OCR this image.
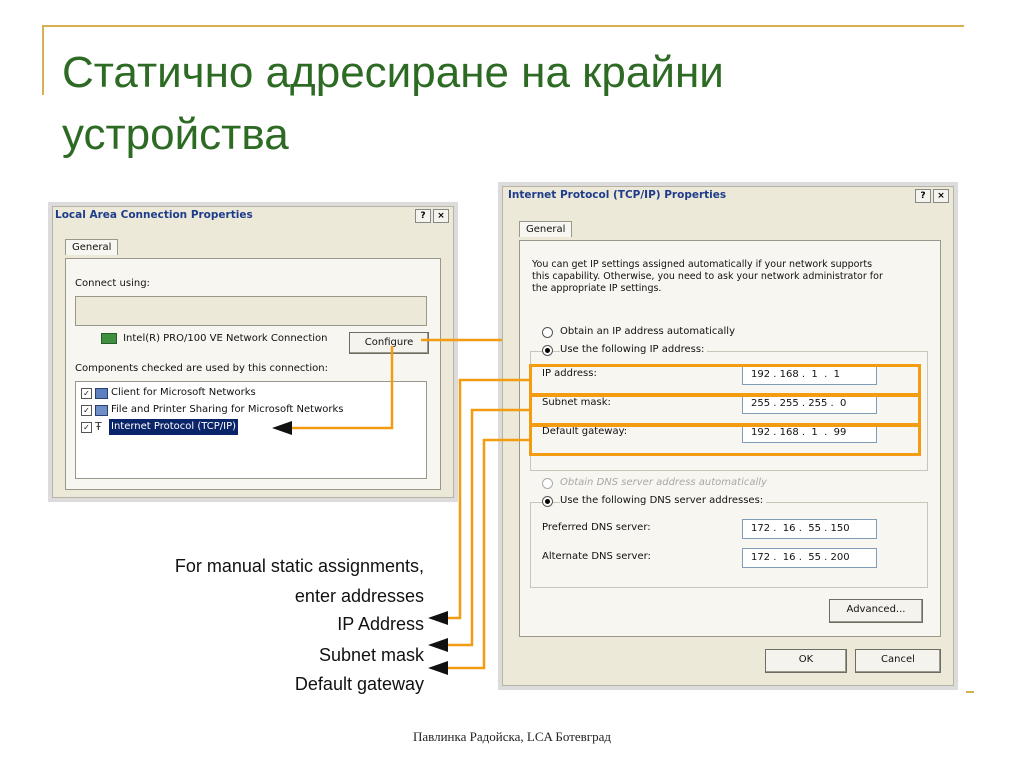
Статично адресиране на крайни
устройства
Local Area Connection Properties	?	×
General
Connect using:

Intel(R) PRO/100 VE Network Connection
	Configure
Components checked are used by this connection:

✓

Client for Microsoft Networks

✓

File and Printer Sharing for Microsoft Networks

✓

Ŧ

Internet Protocol (TCP/IP)

Internet Protocol (TCP/IP) Properties	?	×
General
You can get IP settings assigned automatically if your network supports
this capability. Otherwise, you need to ask your network administrator for
the appropriate IP settings.
Obtain an IP address automatically
Use the following IP address:
IP address:	192 . 168 .  1  .  1
Subnet mask:	255 . 255 . 255 .  0
Default gateway:	192 . 168 .  1  .  99
Obtain DNS server address automatically
Use the following DNS server addresses:
Preferred DNS server:	172 .  16 .  55 . 150
Alternate DNS server:	172 .  16 .  55 . 200
Advanced...
OK	Cancel
For manual static assignments,
enter addresses
IP Address
Subnet mask
Default gateway
Павлинка Радойска, LCA Ботевград
